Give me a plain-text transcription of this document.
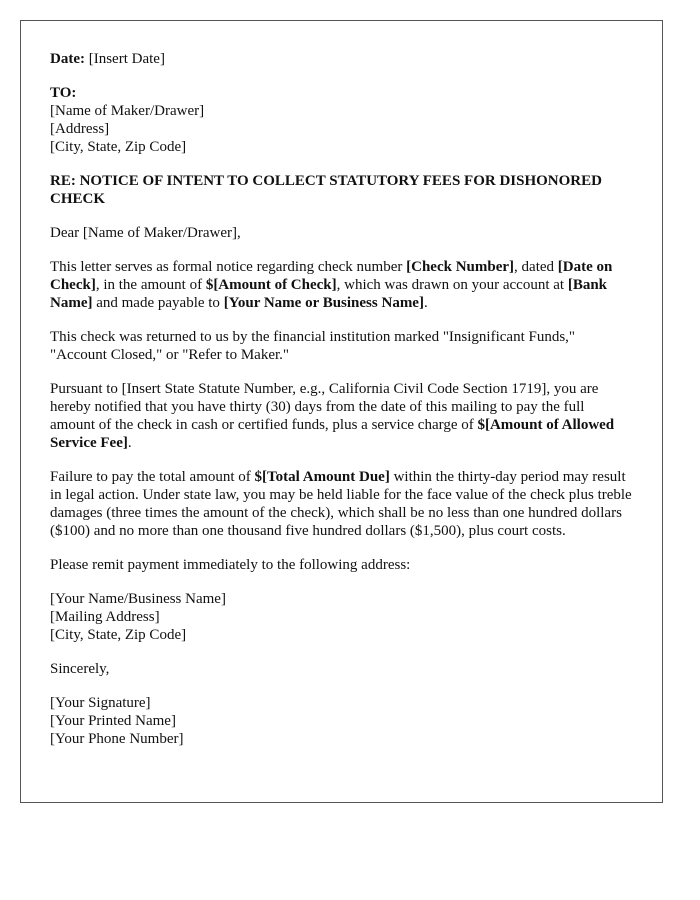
Date: [Insert Date]

TO:
[Name of Maker/Drawer]
[Address]
[City, State, Zip Code]

RE: NOTICE OF INTENT TO COLLECT STATUTORY FEES FOR DISHONORED CHECK

Dear [Name of Maker/Drawer],

This letter serves as formal notice regarding check number [Check Number], dated [Date on Check], in the amount of $[Amount of Check], which was drawn on your account at [Bank Name] and made payable to [Your Name or Business Name].

This check was returned to us by the financial institution marked "Insignificant Funds," "Account Closed," or "Refer to Maker."

Pursuant to [Insert State Statute Number, e.g., California Civil Code Section 1719], you are hereby notified that you have thirty (30) days from the date of this mailing to pay the full amount of the check in cash or certified funds, plus a service charge of $[Amount of Allowed Service Fee].

Failure to pay the total amount of $[Total Amount Due] within the thirty-day period may result in legal action. Under state law, you may be held liable for the face value of the check plus treble damages (three times the amount of the check), which shall be no less than one hundred dollars ($100) and no more than one thousand five hundred dollars ($1,500), plus court costs.

Please remit payment immediately to the following address:

[Your Name/Business Name]
[Mailing Address]
[City, State, Zip Code]

Sincerely,

[Your Signature]
[Your Printed Name]
[Your Phone Number]
